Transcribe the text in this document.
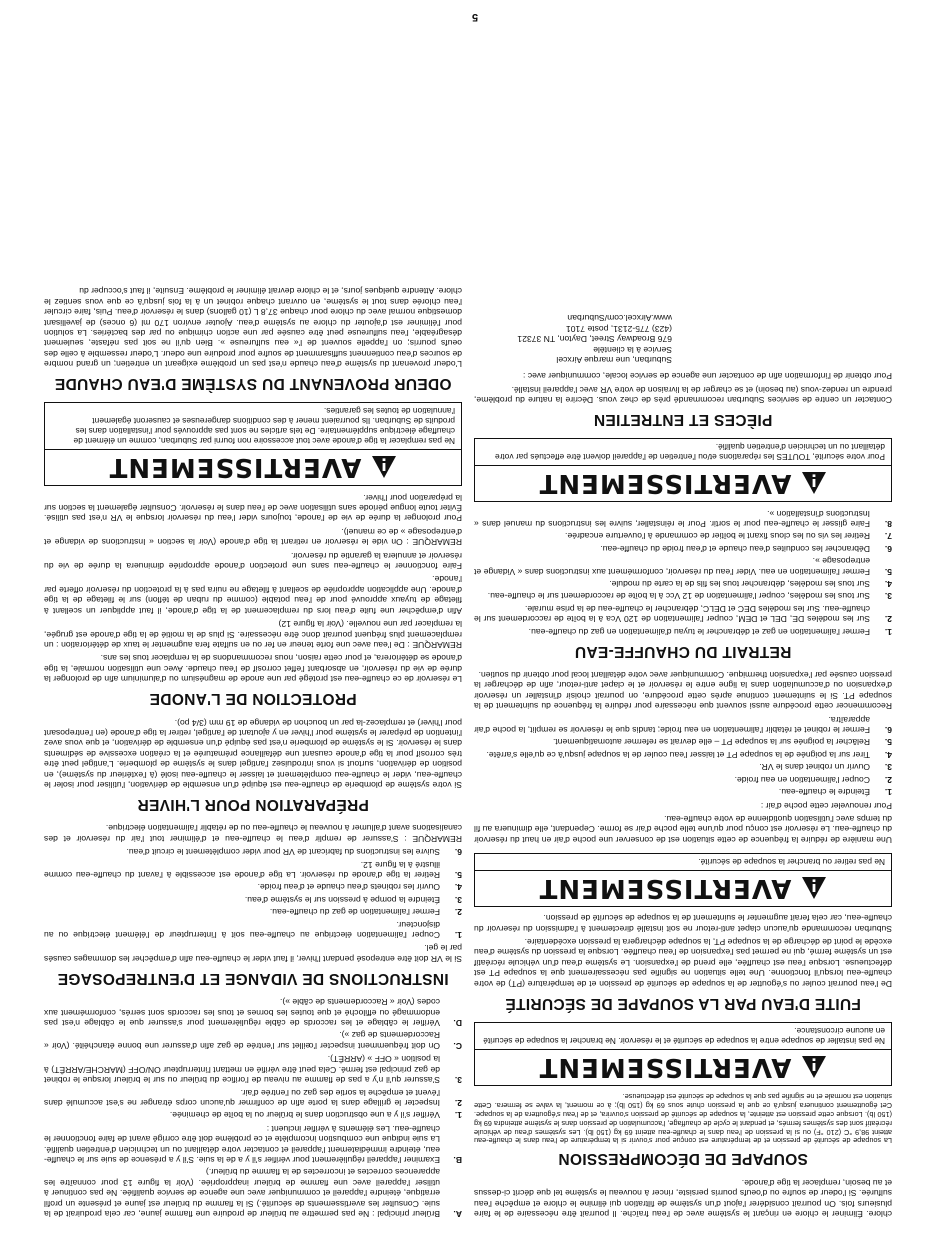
chlore. Éliminer le chlore en rinçant le système avec de l'eau fraîche. Il pourrait être nécessaire de le faire plusieurs fois. On pourrait considérer l'ajout d'un système de filtration qui élimine le chlore et empêche l'eau sulfurée. Si l'odeur de soufre ou d'oeufs pourris persiste, rincer à nouveau le système tel que décrit ci-dessus et au besoin, remplacer la tige d'anode.

SOUPAPE DE DÉCOMPRESSION

La soupape de sécurité de pression et de température est conçue pour s'ouvrir si la température de l'eau dans le chauffe-eau atteint 98,9 °C (210 °F) ou si la pression de l'eau dans le chauffe-eau atteint 69 kg (150 lb). Les systèmes d'eau de véhicule récréatif sont des systèmes fermés, et pendant le cycle de chauffage, l'accumulation de pression dans le système atteindra 69 kg (150 lb). Lorsque cette pression est atteinte, la soupape de sécurité de pression s'ouvrira, et de l'eau s'égouttera de la soupape. Cet égouttement continuera jusqu'à ce que la pression chute sous 69 kg (150 lb); à ce moment, la valve se fermera. Cette situation est normale et ne signifie pas que la soupape de sécurité est défectueuse.

AVERTISSEMENT
Ne pas installer de soupape entre la soupape de sécurité et le réservoir. Ne brancher la soupape de sécurité en aucune circonstance.
FUITE D'EAU PAR LA SOUPAPE DE SÉCURITÉ

De l'eau pourrait couler ou s'égoutter de la soupape de sécurité de pression et de température (PT) de votre chauffe-eau lorsqu'il fonctionne. Une telle situation ne signifie pas nécessairement que la soupape PT est défectueuse. Lorsque l'eau est chauffée, elle prend de l'expansion. Le système d'eau d'un véhicule récréatif est un système fermé, qui ne permet pas l'expansion de l'eau chauffée. Lorsque la pression du système d'eau excède le point de décharge de la soupape PT, la soupape déchargera la pression excédentaire.

Suburban recommande qu'aucun clapet anti-retour ne soit installé directement à l'admission du réservoir du chauffe-eau, car cela ferait augmenter le suintement de la soupape de sécurité de pression.

AVERTISSEMENT
Ne pas retirer ou brancher la soupape de sécurité.

Une manière de réduire la fréquence de cette situation est de conserver une poche d'air en haut du réservoir du chauffe-eau. Le réservoir est conçu pour qu'une telle poche d'air se forme. Cependant, elle diminuera au fil du temps avec l'utilisation quotidienne de votre chauffe-eau.

Pour renouveler cette poche d'air :

1.
Éteindre le chauffe-eau.
2.
Couper l'alimentation en eau froide.
3.
Ouvrir un robinet dans le VR.
4.
Tirer sur la poignée de la soupape PT et laisser l'eau couler de la soupape jusqu'à ce qu'elle s'arrête.
5.
Relâcher la poignée sur la soupape PT – elle devrait se refermer automatiquement.
6.
Fermer le robinet et rétablir l'alimentation en eau froide; tandis que le réservoir se remplit, la poche d'air apparaîtra.

Recommencer cette procédure aussi souvent que nécessaire pour réduire la fréquence du suintement de la soupape PT. Si le suintement continue après cette procédure, on pourrait choisir d'installer un réservoir d'expansion ou d'accumulation dans la ligne entre le réservoir et le clapet anti-retour, afin de décharger la pression causée par l'expansion thermique. Communiquer avec votre détaillant local pour obtenir du soutien.

RETRAIT DU CHAUFFE-EAU
1.
Fermer l'alimentation en gaz et débrancher le tuyau d'alimentation en gaz du chauffe-eau.
2.
Sur les modèles DE, DEL et DEM, couper l'alimentation de 120 Vca à la boîte de raccordement sur le chauffe-eau. Sur les modèles DEC et DELC, débrancher le chauffe-eau de la prise murale.
3.
Sur tous les modèles, couper l'alimentation de 12 Vcc à la boîte de raccordement sur le chauffe-eau.
4.
Sur tous les modèles, débrancher tous les fils de la carte du module.
5.
Fermer l'alimentation en eau. Vider l'eau du réservoir, conformément aux instructions dans « Vidange et entreposage ».
6.
Débrancher les conduites d'eau chaude et d'eau froide du chauffe-eau.
7.
Retirer les vis ou les clous fixant le boîtier de commande à l'ouverture encadrée.
8.
Faire glisser le chauffe-eau pour le sortir. Pour le réinstaller, suivre les instructions du manuel dans « Instructions d'installation ».
AVERTISSEMENT
Pour votre sécurité, TOUTES les réparations et/ou l'entretien de l'appareil doivent être effectués par votre détaillant ou un technicien d'entretien qualifié.
PIÈCES ET ENTRETIEN

Contacter un centre de services Suburban recommandé près de chez vous. Décrire la nature du problème, prendre un rendez-vous (au besoin) et se charger de la livraison de votre VR avec l'appareil installé.

Pour obtenir de l'information afin de contacter une agence de service locale, communiquer avec :

Suburban, une marque Airxcel
Service à la clientèle
676 Broadway Street, Dayton, TN 37321
(423) 775-2131, poste 7101
www.Airxcel.com/Suburban
A.
Brûleur principal : Ne pas permettre au brûleur de produire une flamme jaune, car cela produirait de la suie. Consulter les avertissements de sécurité.) Si la flamme du brûleur est jaune et présente un profil erratique, éteindre l'appareil et communiquer avec une agence de service qualifiée. Ne pas continuer à utiliser l'appareil avec une flamme de brûleur inappropriée. (Voir la figure 13 pour connaître les apparences correctes et incorrectes de la flamme du brûleur.)
B.
Examiner l'appareil régulièrement pour vérifier s'il y a de la suie. S'il y a présence de suie sur le chauffe-eau, éteindre immédiatement l'appareil et contacter votre détaillant ou un technicien d'entretien qualifié. La suie indique une combustion incomplète et ce problème doit être corrigé avant de faire fonctionner le chauffe-eau. Les éléments à vérifier incluent :
1.
Vérifier s'il y a une obstruction dans le brûleur ou la boîte de cheminée.
2.
Inspecter le grillage dans la porte afin de confirmer qu'aucun corps étranger ne s'est accumulé dans l'évent et empêche la sortie des gaz ou l'entrée d'air.
3.
S'assurer qu'il n'y a pas de flamme au niveau de l'orifice du brûleur ou sur le brûleur lorsque le robinet de gaz principal est fermé. Cela peut être vérifié en mettant l'interrupteur ON/OFF (MARCHE/ARRÊT) à la position « OFF » (ARRÊT).
C.
On doit fréquemment inspecter l'œillet sur l'entrée de gaz afin d'assurer une bonne étanchéité. (Voir « Raccordements de gaz »).
D.
Vérifier le câblage et les raccords de câble régulièrement pour s'assurer que le câblage n'est pas endommagé ou effiloché et que toutes les bornes et tous les raccords sont serrés, conformément aux codes (Voir « Raccordements de câble »).
INSTRUCTIONS DE VIDANGE ET D'ENTREPOSAGE

Si le VR doit être entreposé pendant l'hiver, il faut vider le chauffe-eau afin d'empêcher les dommages causés par le gel.

1.
Couper l'alimentation électrique au chauffe-eau soit à l'interrupteur de l'élément électrique ou au disjoncteur.
2.
Fermer l'alimentation de gaz du chauffe-eau.
3.
Éteindre la pompe à pression sur le système d'eau.
4.
Ouvrir les robinets d'eau chaude et d'eau froide.
5.
Retirer la tige d'anode du réservoir. La tige d'anode est accessible à l'avant du chauffe-eau comme illustré à la figure 12.
6.
Suivre les instructions du fabricant de VR pour vider complètement le circuit d'eau.

REMARQUE : S'assurer de remplir d'eau le chauffe-eau et d'éliminer tout l'air du réservoir et des canalisations avant d'allumer à nouveau le chauffe-eau ou de rétablir l'alimentation électrique.

PRÉPARATION POUR L'HIVER

Si votre système de plomberie de chauffe-eau est équipé d'un ensemble de dérivation, l'utiliser pour isoler le chauffe-eau, vider le chauffe-eau complètement et laisser le chauffe-eau isolé (à l'extérieur du système), en position de dérivation, surtout si vous introduisez l'antigel dans le système de plomberie. L'antigel peut être très corrosif pour la tige d'anode causant une défaillance prématurée et la création excessive de sédiments dans le réservoir. Si le système de plomberie n'est pas équipé d'un ensemble de dérivation, et que vous avez l'intention de préparer le système pour l'hiver en y ajoutant de l'antigel, retirer la tige d'anode (en l'entreposant pour l'hiver) et remplacez-la par un bouchon de vidange de 19 mm (3/4 po).

PROTECTION DE L'ANODE

Le réservoir de ce chauffe-eau est protégé par une anode de magnésium ou d'aluminium afin de prolonger la durée de vie du réservoir, en absorbant l'effet corrosif de l'eau chaude. Avec une utilisation normale, la tige d'anode se détériorera, et pour cette raison, nous recommandons de la remplacer tous les ans.

REMARQUE : De l'eau avec une forte teneur en fer ou en sulfate fera augmenter le taux de détérioration : un remplacement plus fréquent pourrait donc être nécessaire. Si plus de la moitié de la tige d'anode est grugée, la remplacer par une nouvelle. (Voir la figure 12)

Afin d'empêcher une fuite d'eau lors du remplacement de la tige d'anode, il faut appliquer un scellant à filetage de tuyaux approuvé pour de l'eau potable (comme du ruban de téflon) sur le filetage de la tige d'anode. Une application appropriée de scellant à filetage ne nuira pas à la protection du réservoir offerte par l'anode.

Faire fonctionner le chauffe-eau sans une protection d'anode appropriée diminuera la durée de vie du réservoir et annulera la garantie du réservoir.

REMARQUE : On vide le réservoir en retirant la tige d'anode (Voir la section « Instructions de vidange et d'entreposage » de ce manuel).

Pour prolonger la durée de vie de l'anode, toujours vider l'eau du réservoir lorsque le VR n'est pas utilisé. Éviter toute longue période sans utilisation avec de l'eau dans le réservoir. Consulter également la section sur la préparation pour l'hiver.

AVERTISSEMENT
Ne pas remplacer la tige d'anode avec tout accessoire non fourni par Suburban, comme un élément de chauffage électrique supplémentaire. De tels articles ne sont pas approuvés pour l'installation dans les produits de Suburban. Ils pourraient mener à des conditions dangereuses et causeront également l'annulation de toutes les garanties.
ODEUR PROVENANT DU SYSTÈME D'EAU CHAUDE

L'odeur provenant du système d'eau chaude n'est pas un problème exigeant un entretien; un grand nombre de sources d'eau contiennent suffisamment de soufre pour produire une odeur. L'odeur ressemble à celle des oeufs pourris; on l'appelle souvent de l'« eau sulfureuse ». Bien qu'il ne soit pas néfaste, seulement désagréable, l'eau sulfureuse peut être causée par une action chimique ou par des bactéries. La solution pour l'éliminer est d'ajouter du chlore au système d'eau. Ajouter environ 170 ml (6 onces) de javellisant domestique normal avec du chlore pour chaque 37,8 L (10 gallons) dans le réservoir d'eau. Puis, faire circuler l'eau chlorée dans tout le système, en ouvrant chaque robinet un à la fois jusqu'à ce que vous sentiez le chlore. Attendre quelques jours, et le chlore devrait éliminer le problème. Ensuite, il faut s'occuper du

5
